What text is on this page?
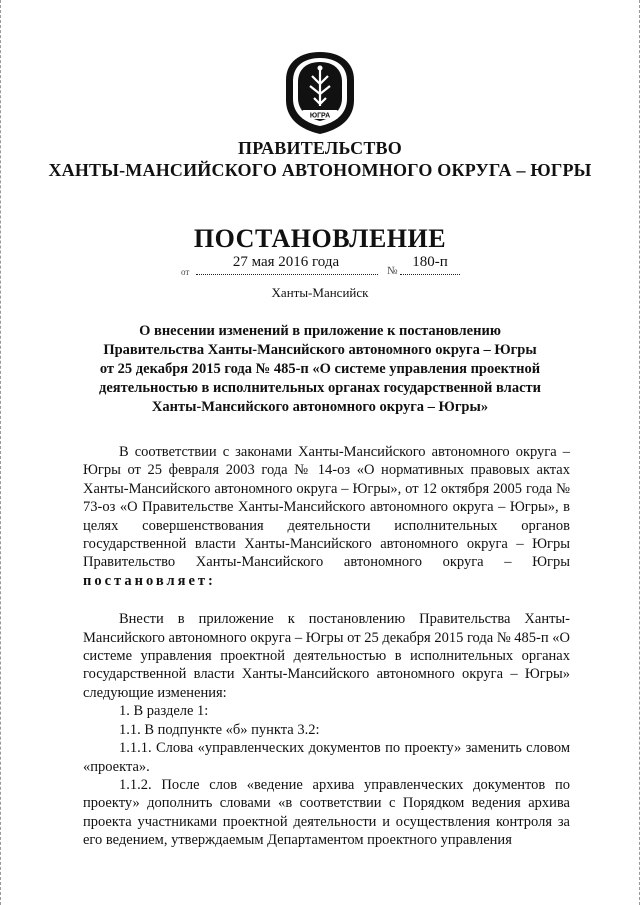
ЮГРА
ПРАВИТЕЛЬСТВО
ХАНТЫ-МАНСИЙСКОГО АВТОНОМНОГО ОКРУГА – ЮГРЫ
ПОСТАНОВЛЕНИЕ
от
27 мая 2016 года
№
180-п
Ханты-Мансийск
О внесении изменений в приложение к постановлению
Правительства Ханты-Мансийского автономного округа – Югры
от 25 декабря 2015 года № 485-п «О системе управления проектной
деятельностью в исполнительных органах государственной власти
Ханты-Мансийского автономного округа – Югры»

В соответствии с законами Ханты-Мансийского автономного округа – Югры от 25 февраля 2003 года № 14-оз «О нормативных правовых актах Ханты-Мансийского автономного округа – Югры», от 12 октября 2005 года № 73-оз «О Правительстве Ханты-Мансийского автономного округа – Югры», в целях совершенствования деятельности исполнительных органов государственной власти Ханты-Мансийского автономного округа – Югры Правительство Ханты-Мансийского автономного округа – Югры постановляет:

Внести в приложение к постановлению Правительства Ханты-Мансийского автономного округа – Югры от 25 декабря 2015 года № 485-п «О системе управления проектной деятельностью в исполнительных органах государственной власти Ханты-Мансийского автономного округа – Югры» следующие изменения:

1. В разделе 1:

1.1. В подпункте «б» пункта 3.2:

1.1.1. Слова «управленческих документов по проекту» заменить словом «проекта».

1.1.2. После слов «ведение архива управленческих документов по проекту» дополнить словами «в соответствии с Порядком ведения архива проекта участниками проектной деятельности и осуществления контроля за его ведением, утверждаемым Департаментом проектного управления
